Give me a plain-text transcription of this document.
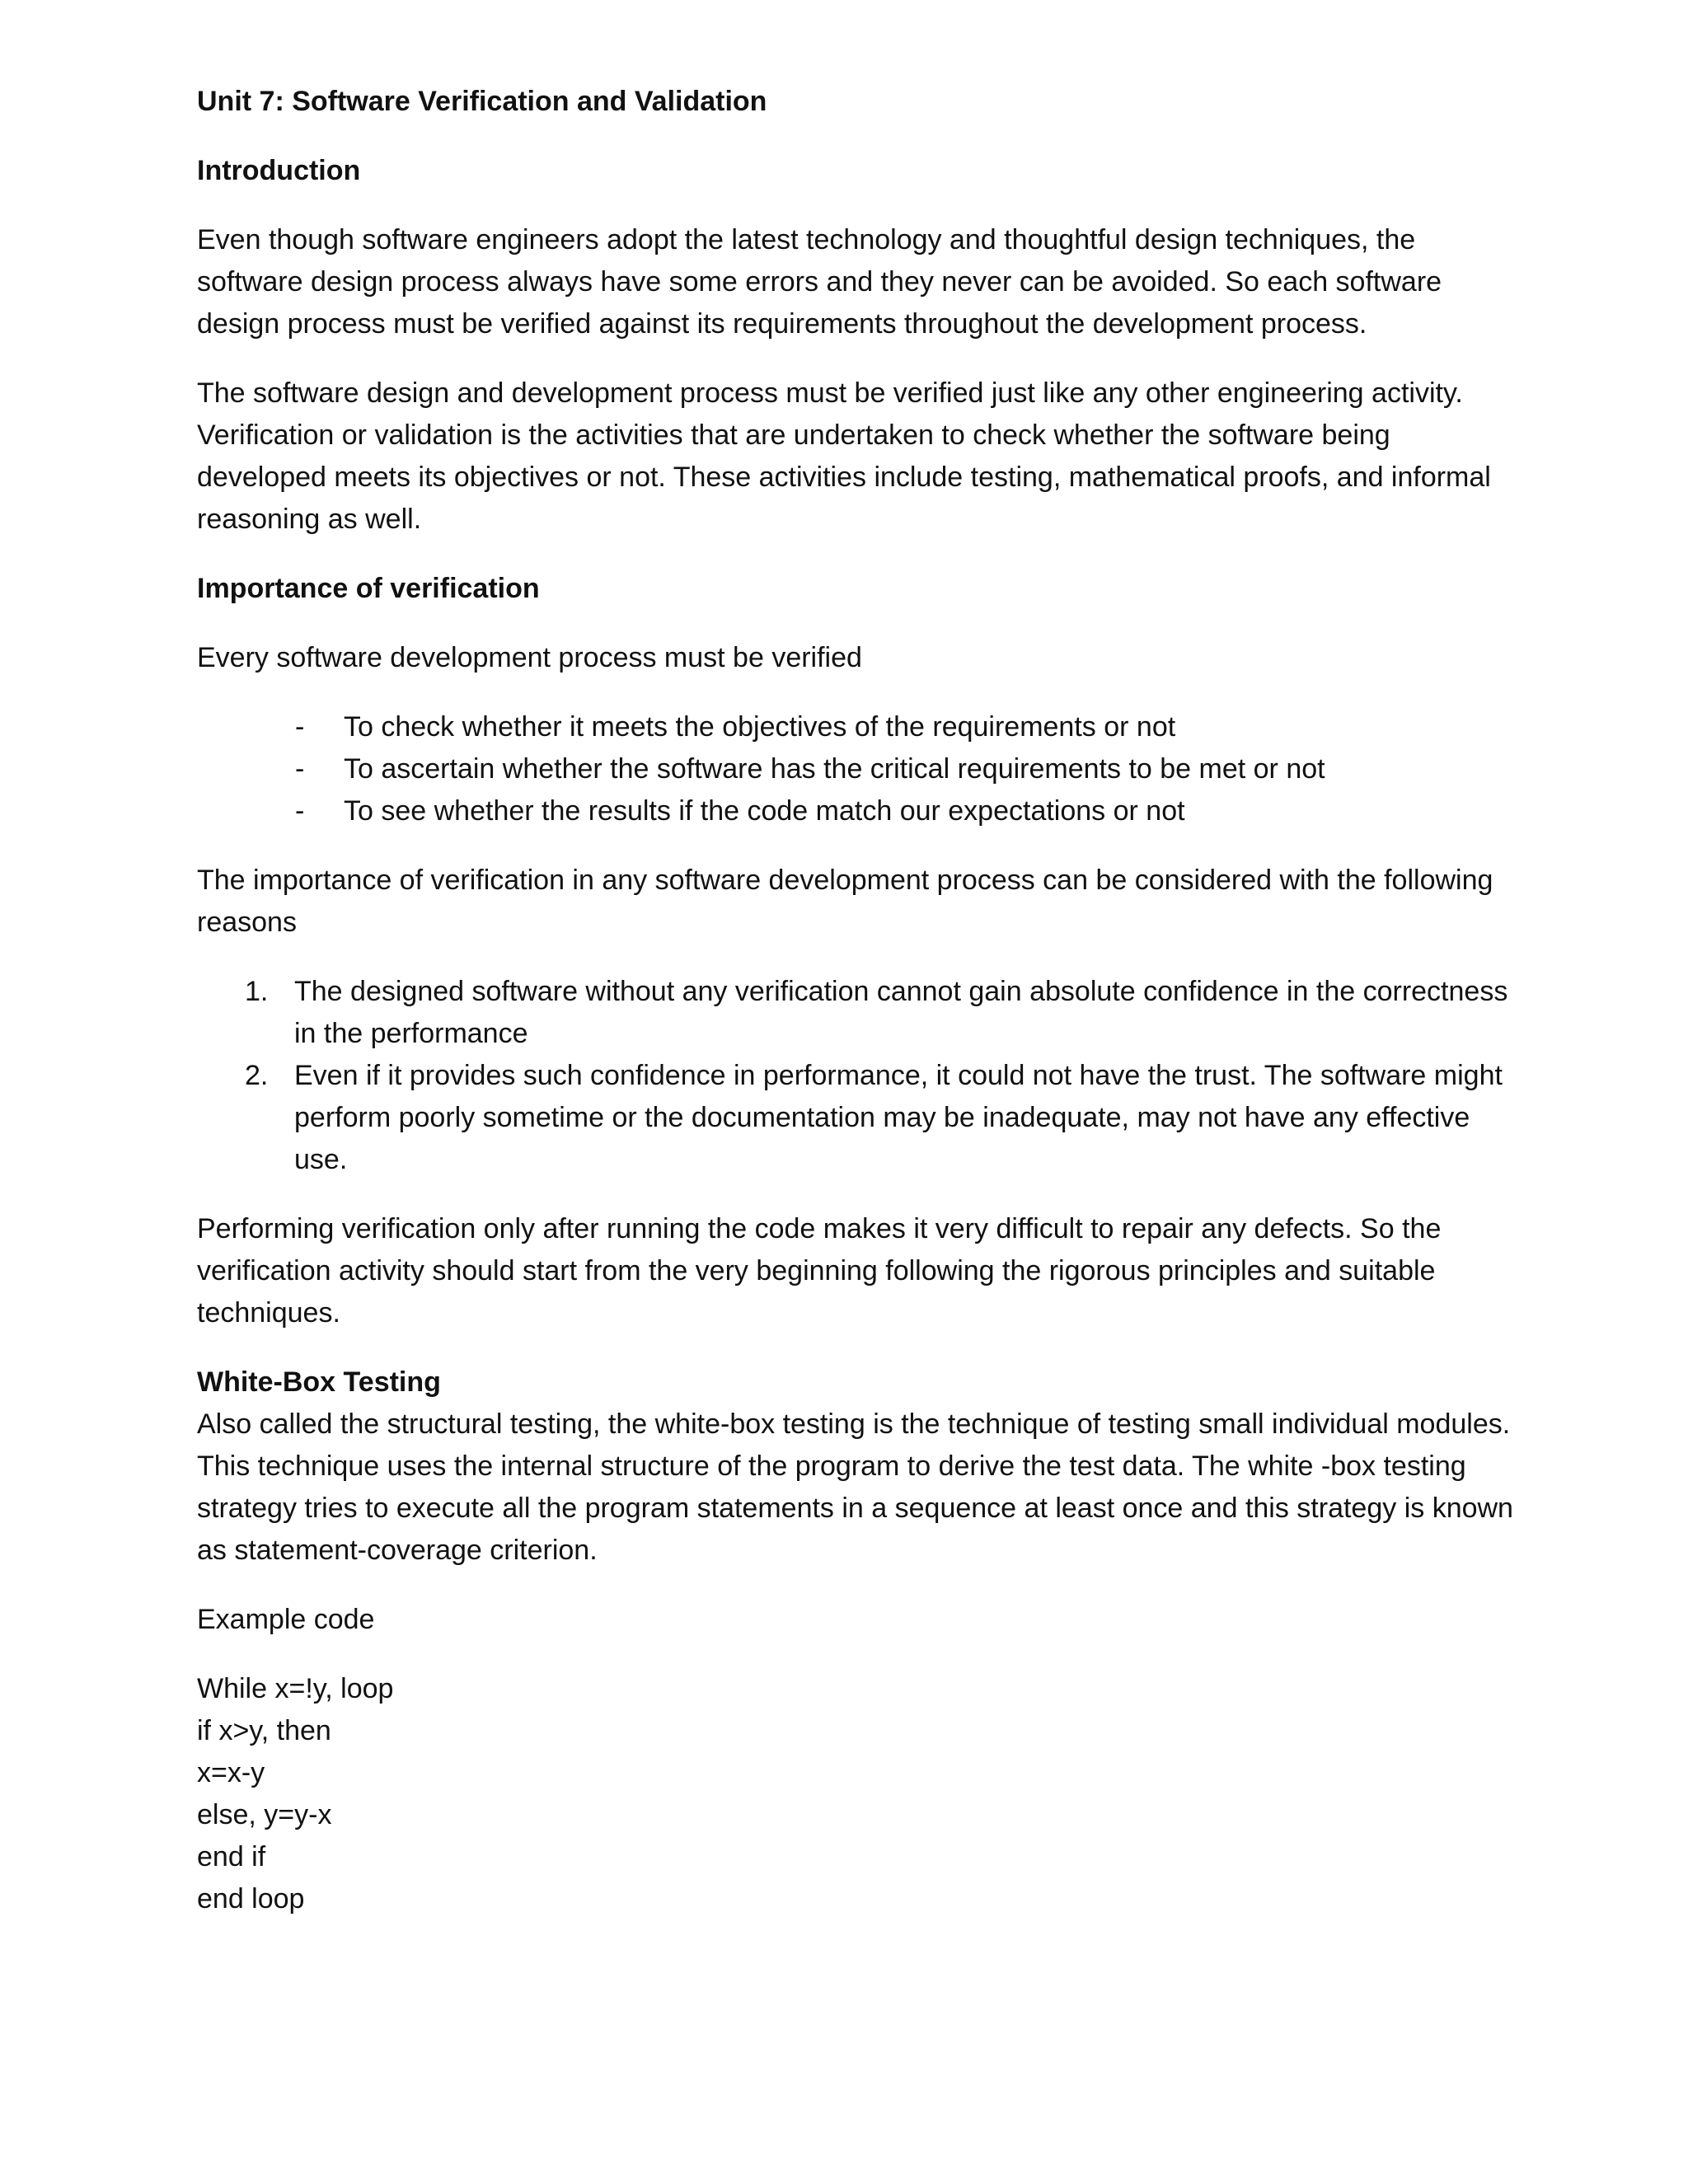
Unit 7: Software Verification and Validation
Introduction

Even though software engineers adopt the latest technology and thoughtful design techniques, the software design process always have some errors and they never can be avoided. So each software design process must be verified against its requirements throughout the development process.

The software design and development process must be verified just like any other engineering activity. Verification or validation is the activities that are undertaken to check whether the software being developed meets its objectives or not. These activities include testing, mathematical proofs, and informal reasoning as well.

Importance of verification

Every software development process must be verified

- To check whether it meets the objectives of the requirements or not
- To ascertain whether the software has the critical requirements to be met or not
- To see whether the results if the code match our expectations or not

The importance of verification in any software development process can be considered with the following reasons

1. The designed software without any verification cannot gain absolute confidence in the correctness in the performance
2. Even if it provides such confidence in performance, it could not have the trust. The software might perform poorly sometime or the documentation may be inadequate, may not have any effective use.

Performing verification only after running the code makes it very difficult to repair any defects. So the verification activity should start from the very beginning following the rigorous principles and suitable techniques.

White-Box Testing

Also called the structural testing, the white-box testing is the technique of testing small individual modules. This technique uses the internal structure of the program to derive the test data. The white -box testing strategy tries to execute all the program statements in a sequence at least once and this strategy is known as statement-coverage criterion.

Example code

While x=!y, loop
if x>y, then
x=x-y
else, y=y-x
end if
end loop
